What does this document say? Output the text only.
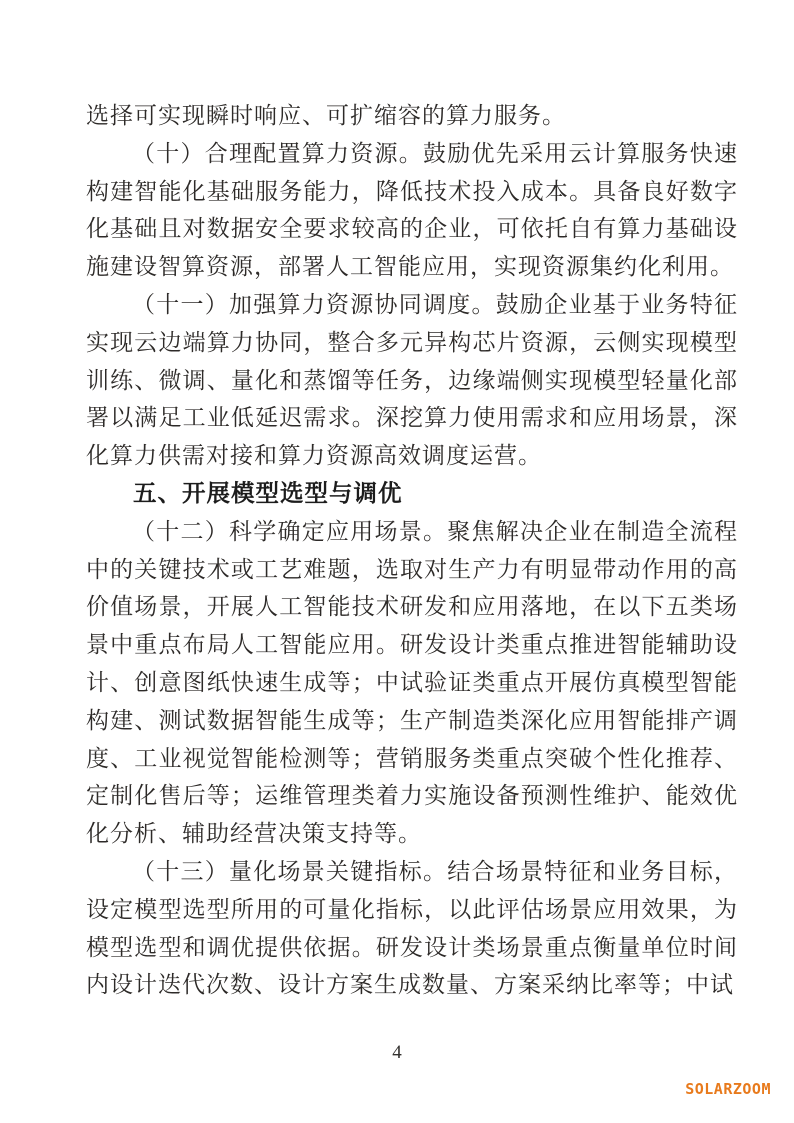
选择可实现瞬时响应、可扩缩容的算力服务。

（十）合理配置算力资源。鼓励优先采用云计算服务快速构建智能化基础服务能力，降低技术投入成本。具备良好数字化基础且对数据安全要求较高的企业，可依托自有算力基础设施建设智算资源，部署人工智能应用，实现资源集约化利用。

（十一）加强算力资源协同调度。鼓励企业基于业务特征实现云边端算力协同，整合多元异构芯片资源，云侧实现模型训练、微调、量化和蒸馏等任务，边缘端侧实现模型轻量化部署以满足工业低延迟需求。深挖算力使用需求和应用场景，深化算力供需对接和算力资源高效调度运营。

五、开展模型选型与调优

（十二）科学确定应用场景。聚焦解决企业在制造全流程中的关键技术或工艺难题，选取对生产力有明显带动作用的高价值场景，开展人工智能技术研发和应用落地，在以下五类场景中重点布局人工智能应用。研发设计类重点推进智能辅助设计、创意图纸快速生成等；中试验证类重点开展仿真模型智能构建、测试数据智能生成等；生产制造类深化应用智能排产调度、工业视觉智能检测等；营销服务类重点突破个性化推荐、定制化售后等；运维管理类着力实施设备预测性维护、能效优化分析、辅助经营决策支持等。

（十三）量化场景关键指标。结合场景特征和业务目标，设定模型选型所用的可量化指标，以此评估场景应用效果，为模型选型和调优提供依据。研发设计类场景重点衡量单位时间内设计迭代次数、设计方案生成数量、方案采纳比率等；中试

4
SOLARZOOM
